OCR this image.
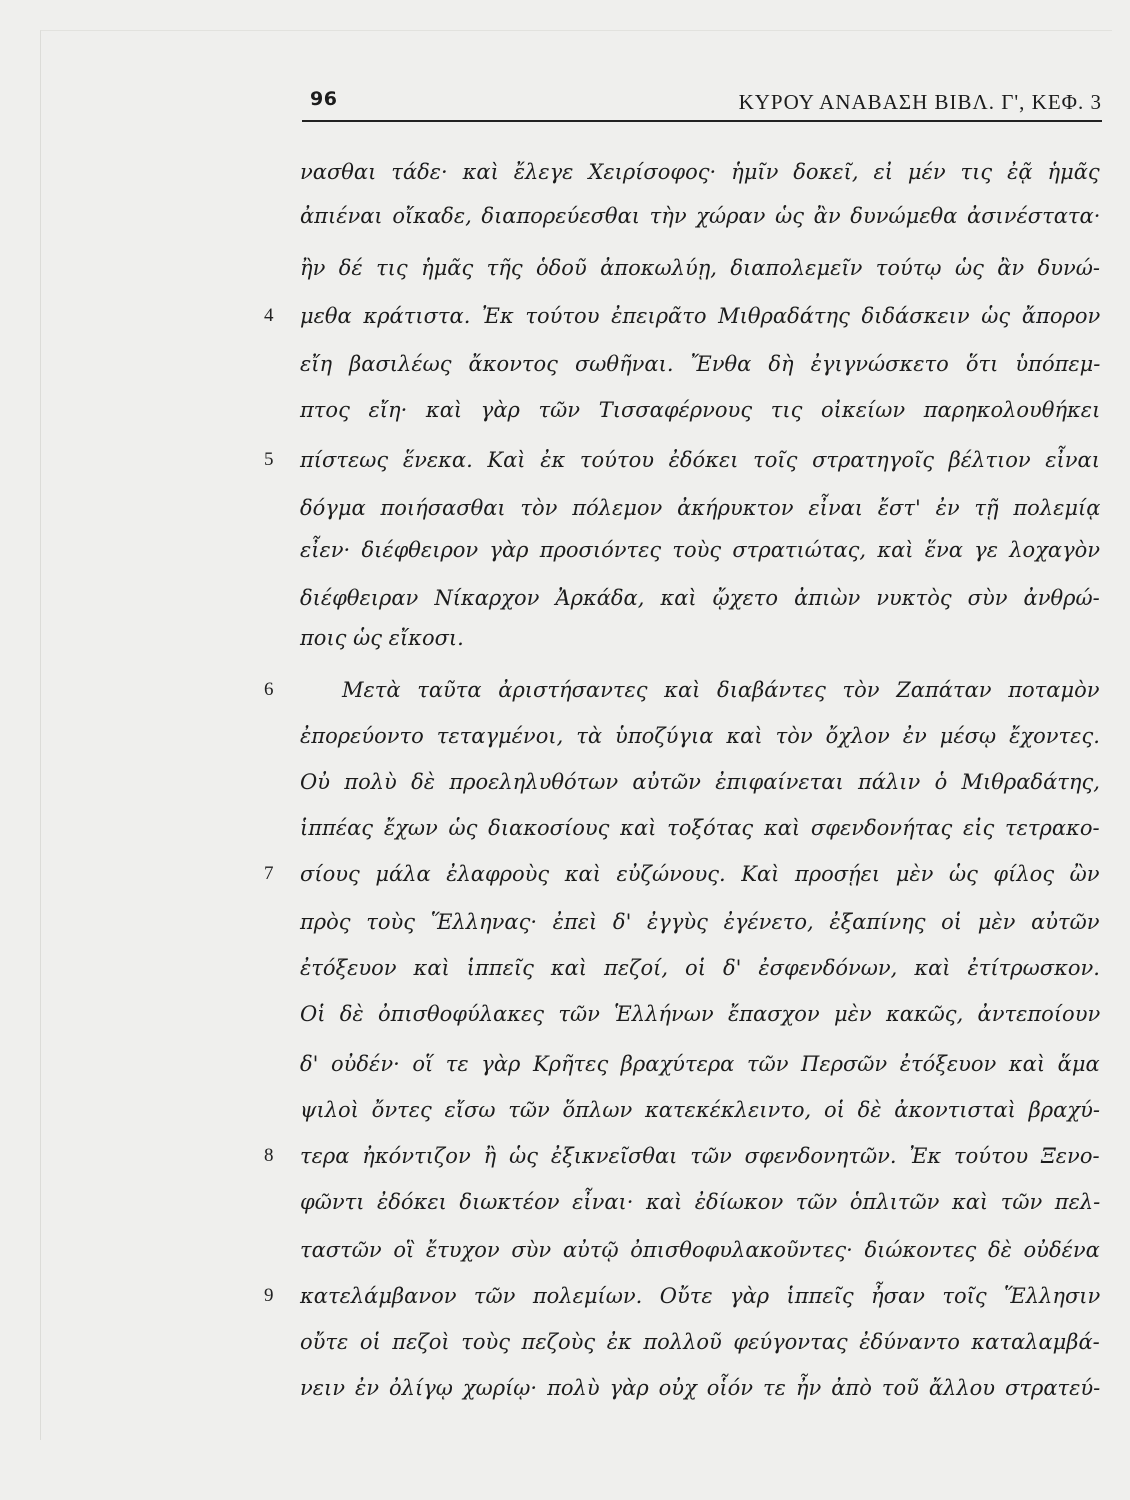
96	ΚΥΡΟΥ ΑΝΑΒΑΣΗ ΒΙΒΛ. Γ', ΚΕΦ. 3
νασθαι τάδε· καὶ ἔλεγε Χειρίσοφος· ἡμῖν δοκεῖ, εἰ μέν τις ἐᾷ ἡμᾶς
ἀπιέναι οἴκαδε, διαπορεύεσθαι τὴν χώραν ὡς ἂν δυνώμεθα ἀσινέστατα·
ἢν δέ τις ἡμᾶς τῆς ὁδοῦ ἀποκωλύῃ, διαπολεμεῖν τούτῳ ὡς ἂν δυνώ-
4 μεθα κράτιστα. Ἐκ τούτου ἐπειρᾶτο Μιθραδάτης διδάσκειν ὡς ἄπορον
εἴη βασιλέως ἄκοντος σωθῆναι. Ἔνθα δὴ ἐγιγνώσκετο ὅτι ὑπόπεμ-
πτος εἴη· καὶ γὰρ τῶν Τισσαφέρνους τις οἰκείων παρηκολουθήκει
5 πίστεως ἕνεκα. Καὶ ἐκ τούτου ἐδόκει τοῖς στρατηγοῖς βέλτιον εἶναι
δόγμα ποιήσασθαι τὸν πόλεμον ἀκήρυκτον εἶναι ἔστ' ἐν τῇ πολεμίᾳ
εἶεν· διέφθειρον γὰρ προσιόντες τοὺς στρατιώτας, καὶ ἕνα γε λοχαγὸν
διέφθειραν Νίκαρχον Ἀρκάδα, καὶ ᾤχετο ἀπιὼν νυκτὸς σὺν ἀνθρώ-
ποις ὡς εἴκοσι.
6	Μετὰ ταῦτα ἀριστήσαντες καὶ διαβάντες τὸν Ζαπάταν ποταμὸν
ἐπορεύοντο τεταγμένοι, τὰ ὑποζύγια καὶ τὸν ὄχλον ἐν μέσῳ ἔχοντες.
Οὐ πολὺ δὲ προεληλυθότων αὐτῶν ἐπιφαίνεται πάλιν ὁ Μιθραδάτης,
ἱππέας ἔχων ὡς διακοσίους καὶ τοξότας καὶ σφενδονήτας εἰς τετρακο-
7 σίους μάλα ἐλαφροὺς καὶ εὐζώνους. Καὶ προσῄει μὲν ὡς φίλος ὢν
πρὸς τοὺς Ἕλληνας· ἐπεὶ δ' ἐγγὺς ἐγένετο, ἐξαπίνης οἱ μὲν αὐτῶν
ἐτόξευον καὶ ἱππεῖς καὶ πεζοί, οἱ δ' ἐσφενδόνων, καὶ ἐτίτρωσκον.
Οἱ δὲ ὀπισθοφύλακες τῶν Ἑλλήνων ἔπασχον μὲν κακῶς, ἀντεποίουν
δ' οὐδέν· οἵ τε γὰρ Κρῆτες βραχύτερα τῶν Περσῶν ἐτόξευον καὶ ἅμα
ψιλοὶ ὄντες εἴσω τῶν ὅπλων κατεκέκλειντο, οἱ δὲ ἀκοντισταὶ βραχύ-
8 τερα ἠκόντιζον ἢ ὡς ἐξικνεῖσθαι τῶν σφενδονητῶν. Ἐκ τούτου Ξενο-
φῶντι ἐδόκει διωκτέον εἶναι· καὶ ἐδίωκον τῶν ὁπλιτῶν καὶ τῶν πελ-
ταστῶν οἳ ἔτυχον σὺν αὐτῷ ὀπισθοφυλακοῦντες· διώκοντες δὲ οὐδένα
9 κατελάμβανον τῶν πολεμίων. Οὔτε γὰρ ἱππεῖς ἦσαν τοῖς Ἕλλησιν
οὔτε οἱ πεζοὶ τοὺς πεζοὺς ἐκ πολλοῦ φεύγοντας ἐδύναντο καταλαμβά-
νειν ἐν ὀλίγῳ χωρίῳ· πολὺ γὰρ οὐχ οἷόν τε ἦν ἀπὸ τοῦ ἄλλου στρατεύ-
